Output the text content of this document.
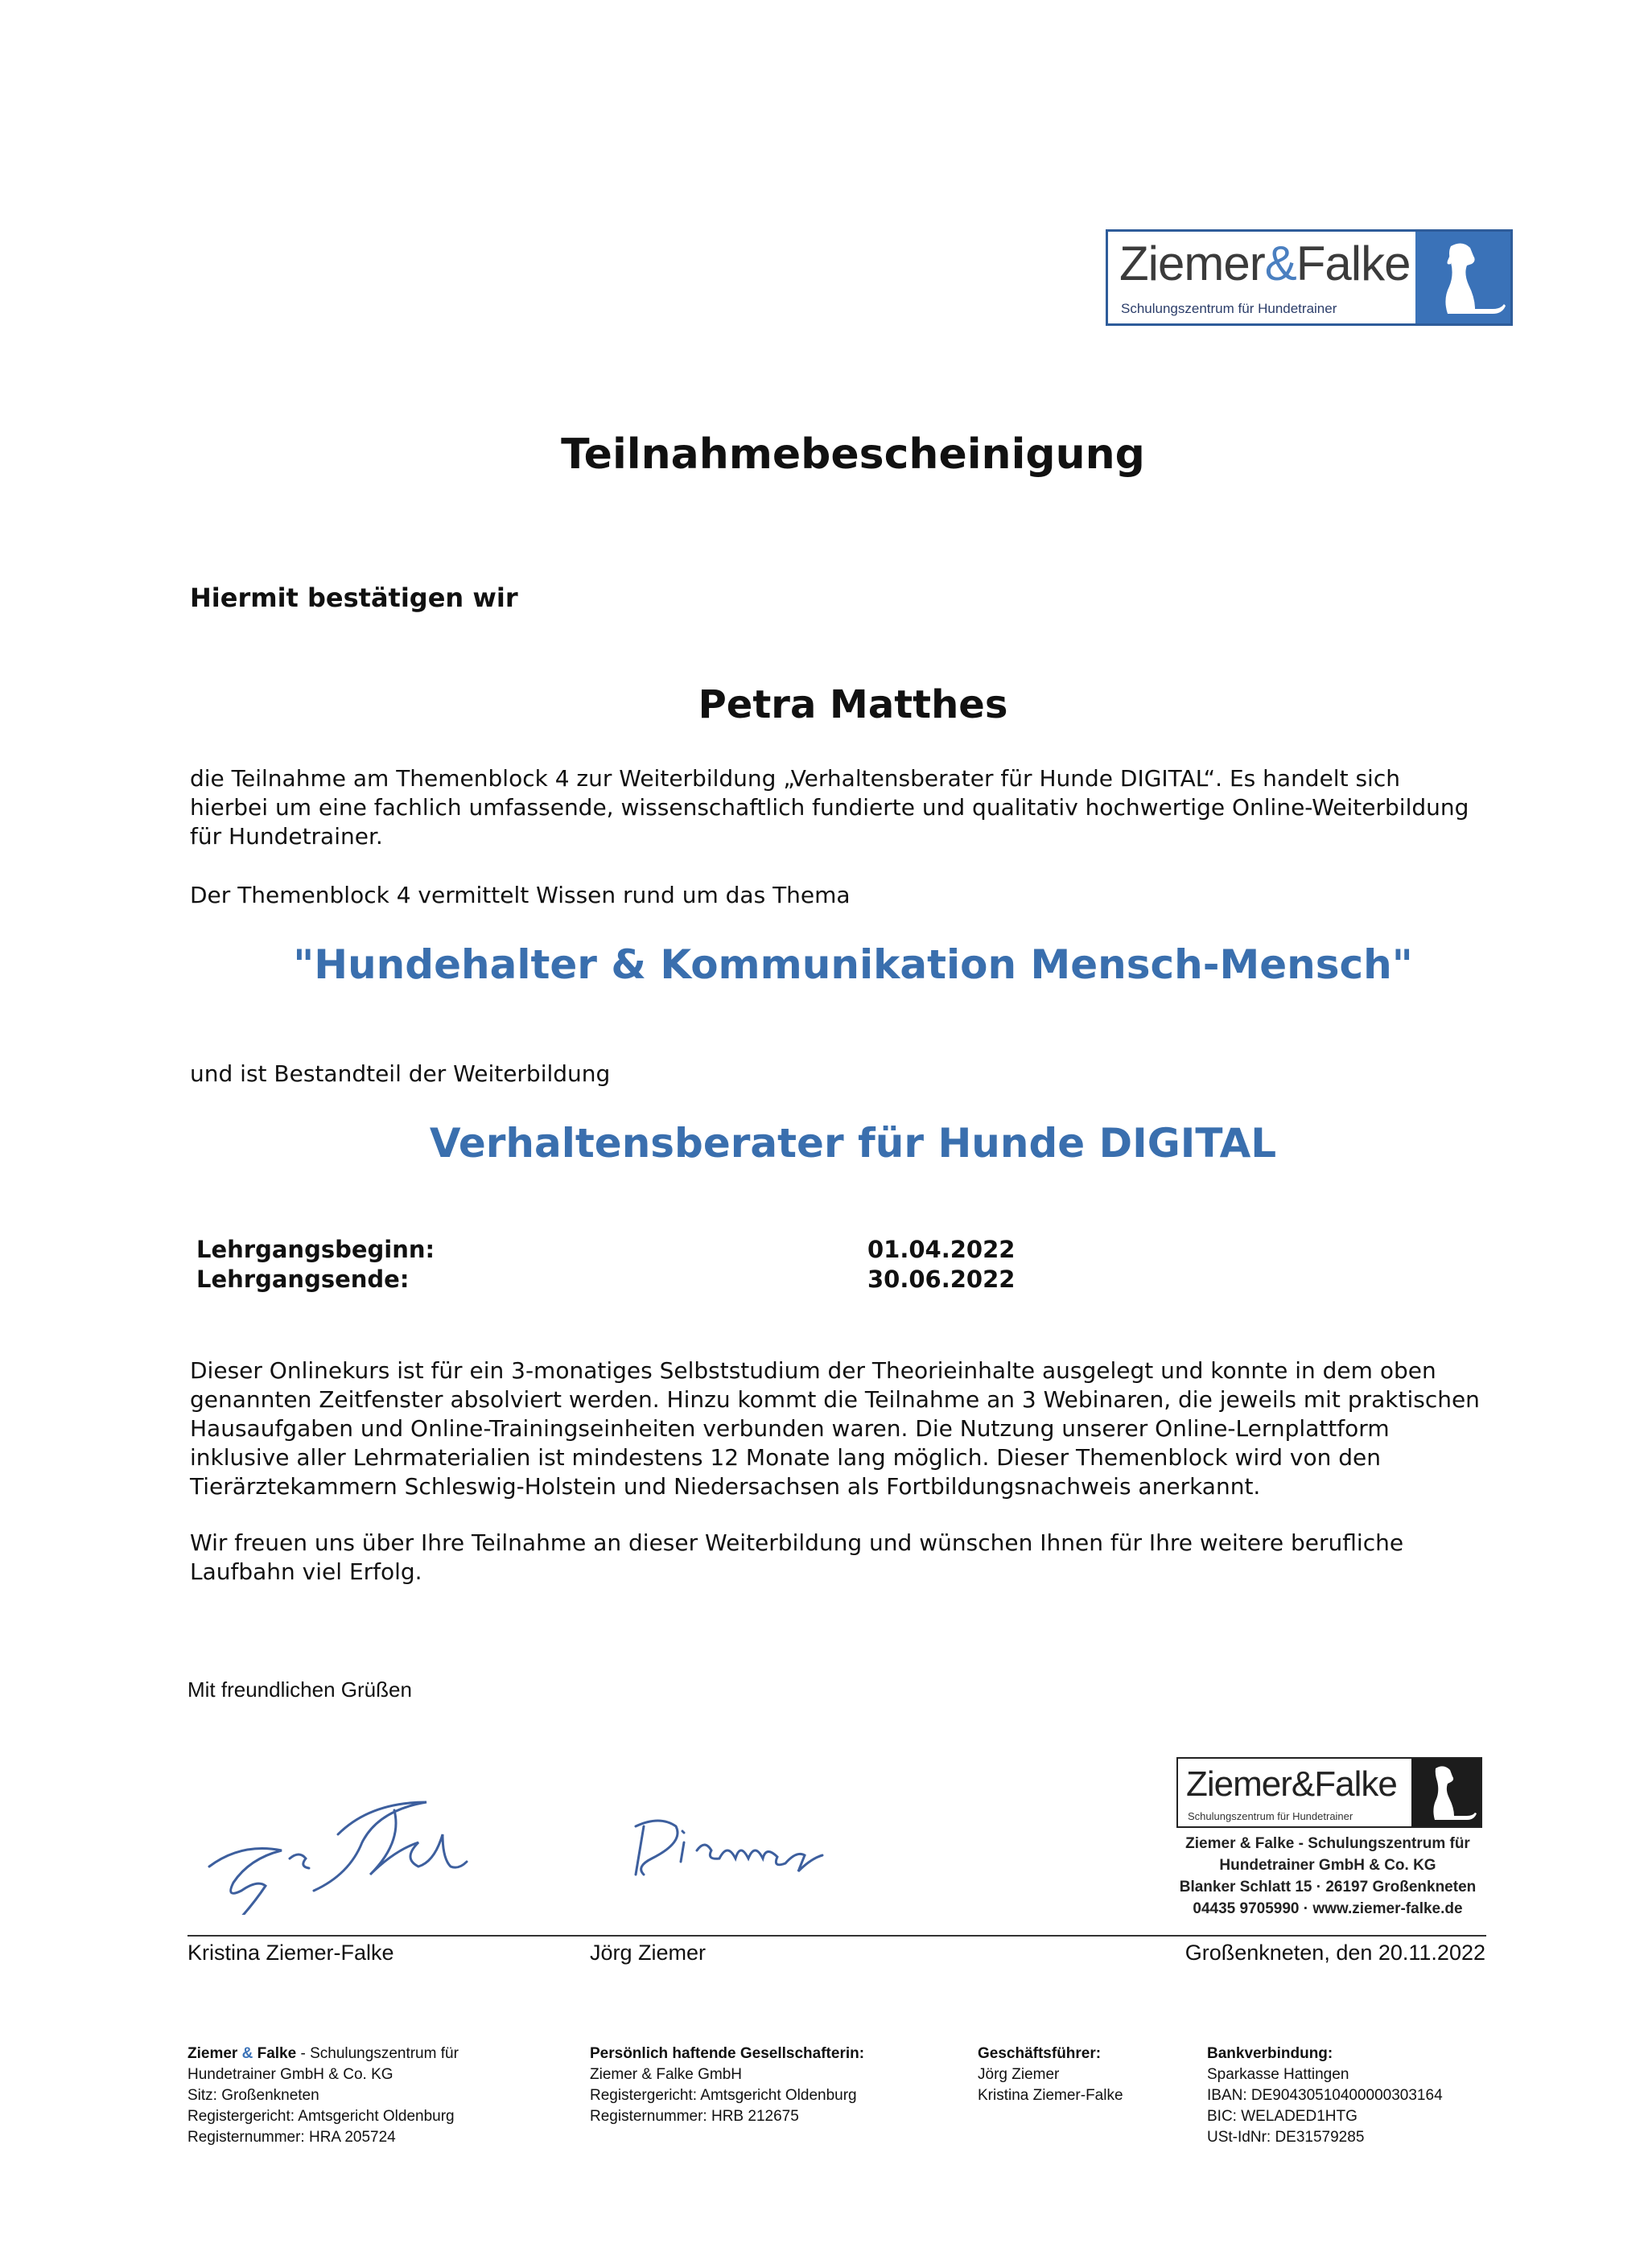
Ziemer&Falke
Schulungszentrum für Hundetrainer
Teilnahmebescheinigung
Hiermit bestätigen wir
Petra Matthes
die Teilnahme am Themenblock 4 zur Weiterbildung „Verhaltensberater für Hunde DIGITAL“. Es handelt sich
hierbei um eine fachlich umfassende, wissenschaftlich fundierte und qualitativ hochwertige Online-Weiterbildung
für Hundetrainer.
Der Themenblock 4 vermittelt Wissen rund um das Thema
"Hundehalter & Kommunikation Mensch-Mensch"
und ist Bestandteil der Weiterbildung
Verhaltensberater für Hunde DIGITAL
Lehrgangsbeginn:
Lehrgangsende:
01.04.2022
30.06.2022
Dieser Onlinekurs ist für ein 3-monatiges Selbststudium der Theorieinhalte ausgelegt und konnte in dem oben
genannten Zeitfenster absolviert werden. Hinzu kommt die Teilnahme an 3 Webinaren, die jeweils mit praktischen
Hausaufgaben und Online-Trainingseinheiten verbunden waren. Die Nutzung unserer Online-Lernplattform
inklusive aller Lehrmaterialien ist mindestens 12 Monate lang möglich. Dieser Themenblock wird von den
Tierärztekammern Schleswig-Holstein und Niedersachsen als Fortbildungsnachweis anerkannt.
Wir freuen uns über Ihre Teilnahme an dieser Weiterbildung und wünschen Ihnen für Ihre weitere berufliche
Laufbahn viel Erfolg.
Mit freundlichen Grüßen
Ziemer&Falke
Schulungszentrum für Hundetrainer
Ziemer & Falke - Schulungszentrum für
Hundetrainer GmbH & Co. KG
Blanker Schlatt 15 · 26197 Großenkneten
04435 9705990 · www.ziemer-falke.de
Kristina Ziemer-Falke	Jörg Ziemer	Großenkneten, den 20.11.2022
Ziemer & Falke - Schulungszentrum für
Hundetrainer GmbH & Co. KG
Sitz: Großenkneten
Registergericht: Amtsgericht Oldenburg
Registernummer: HRA 205724
Persönlich haftende Gesellschafterin:
Ziemer & Falke GmbH
Registergericht: Amtsgericht Oldenburg
Registernummer: HRB 212675
Geschäftsführer:
Jörg Ziemer
Kristina Ziemer-Falke
Bankverbindung:
Sparkasse Hattingen
IBAN: DE90430510400000303164
BIC: WELADED1HTG
USt-IdNr: DE31579285
